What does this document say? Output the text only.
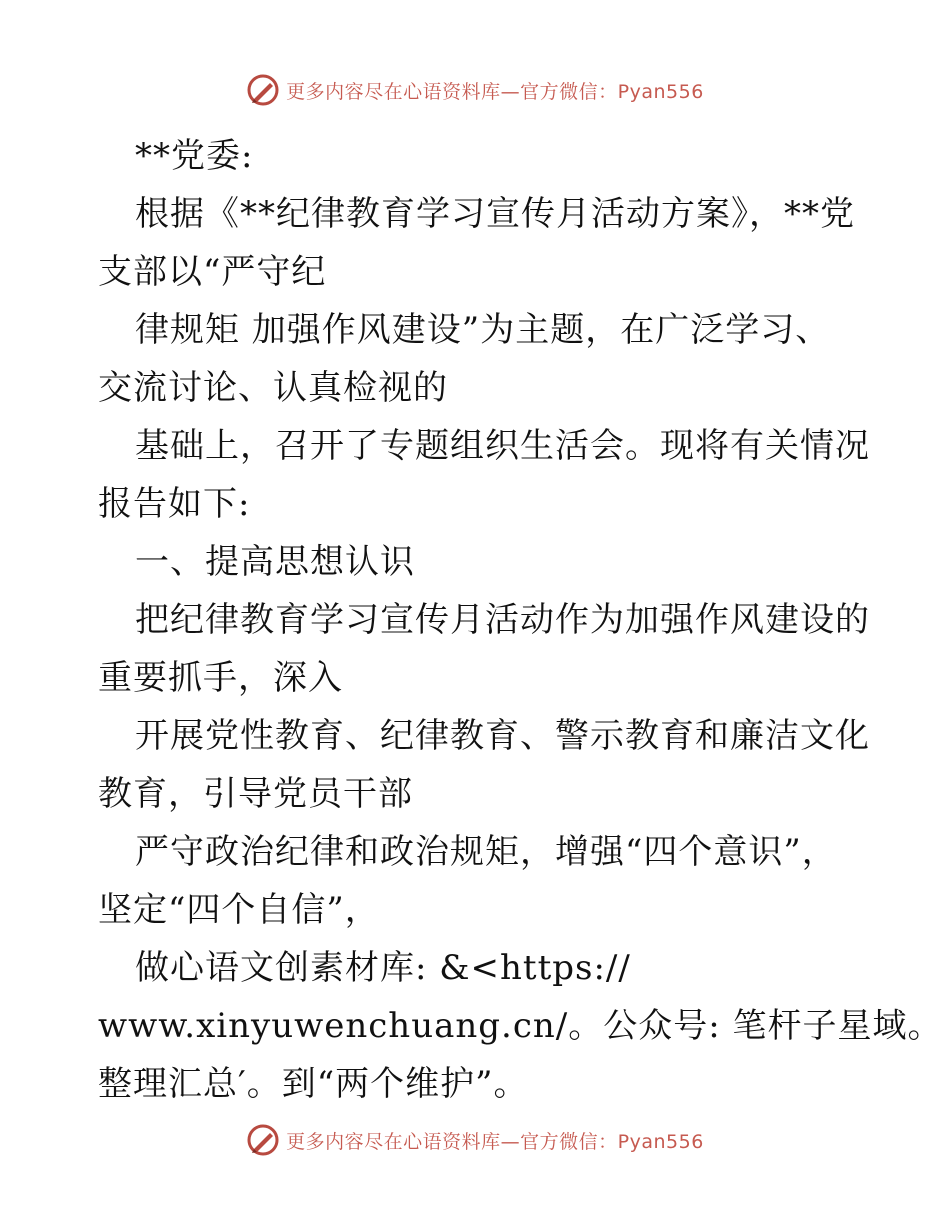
更多内容尽在心语资料库—官方微信：Pyan556
**党委:
根据《**纪律教育学习宣传月活动方案》，**党
支部以“严守纪
律规矩 加强作风建设”为主题，在广泛学习、
交流讨论、认真检视的
基础上，召开了专题组织生活会。现将有关情况
报告如下:
一、提高思想认识
把纪律教育学习宣传月活动作为加强作风建设的
重要抓手，深入
开展党性教育、纪律教育、警示教育和廉洁文化
教育，引导党员干部
严守政治纪律和政治规矩，增强“四个意识”，
坚定“四个自信”，
做心语文创素材库: &<https://
www.xinyuwenchuang.cn/。公众号: 笔杆子星域。
整理汇总′。到“两个维护”。
更多内容尽在心语资料库—官方微信：Pyan556
